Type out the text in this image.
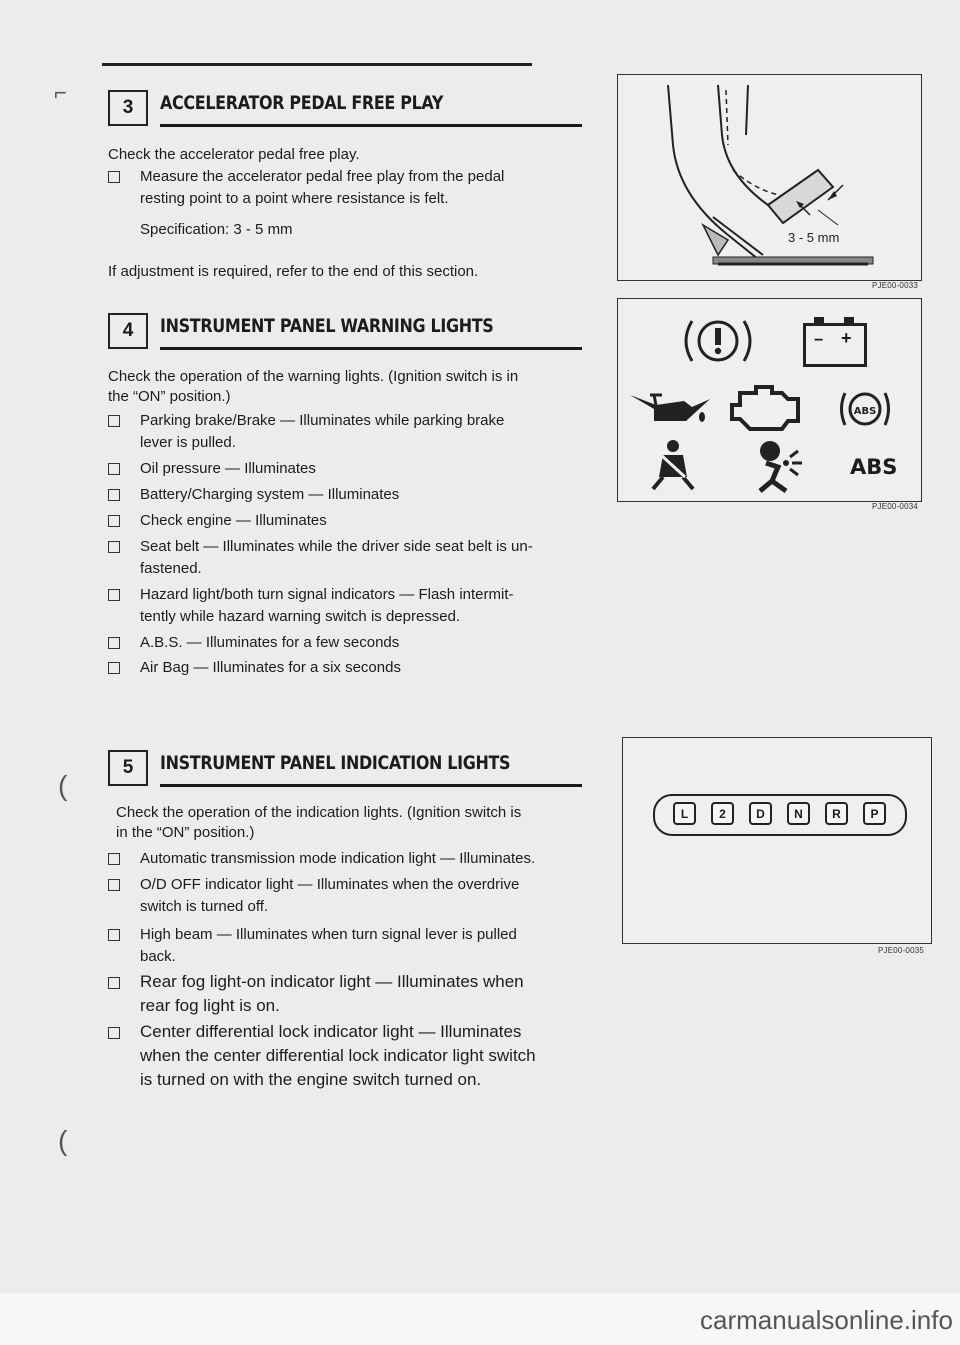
⌐
(
(
3	ACCELERATOR PEDAL FREE PLAY
Check the accelerator pedal free play.
Measure the accelerator pedal free play from the pedal
resting point to a point where resistance is felt.
Specification: 3 - 5 mm
If adjustment is required, refer to the end of this section.
3 - 5 mm
PJE00-0033
4	INSTRUMENT PANEL WARNING LIGHTS
Check the operation of the warning lights. (Ignition switch is in
the “ON” position.)
Parking brake/Brake — Illuminates while parking brake
lever is pulled.
Oil pressure — Illuminates
Battery/Charging system — Illuminates
Check engine — Illuminates
Seat belt — Illuminates while the driver side seat belt is un-
fastened.
Hazard light/both turn signal indicators — Flash intermit-
tently while hazard warning switch is depressed.
A.B.S. — Illuminates for a few seconds
Air Bag — Illuminates for a six seconds
− +
ABS
ABS
PJE00-0034
5	INSTRUMENT PANEL INDICATION LIGHTS
Check the operation of the indication lights. (Ignition switch is
in the “ON” position.)
Automatic transmission mode indication light — Illuminates.
O/D OFF indicator light — Illuminates when the overdrive
switch is turned off.
High beam — Illuminates when turn signal lever is pulled
back.
Rear fog light-on indicator light — Illuminates when
rear fog light is on.
Center differential lock indicator light — Illuminates
when the center differential lock indicator light switch
is turned on with the engine switch turned on.
L	2	D	N	R	P
PJE00-0035
carmanualsonline.info
